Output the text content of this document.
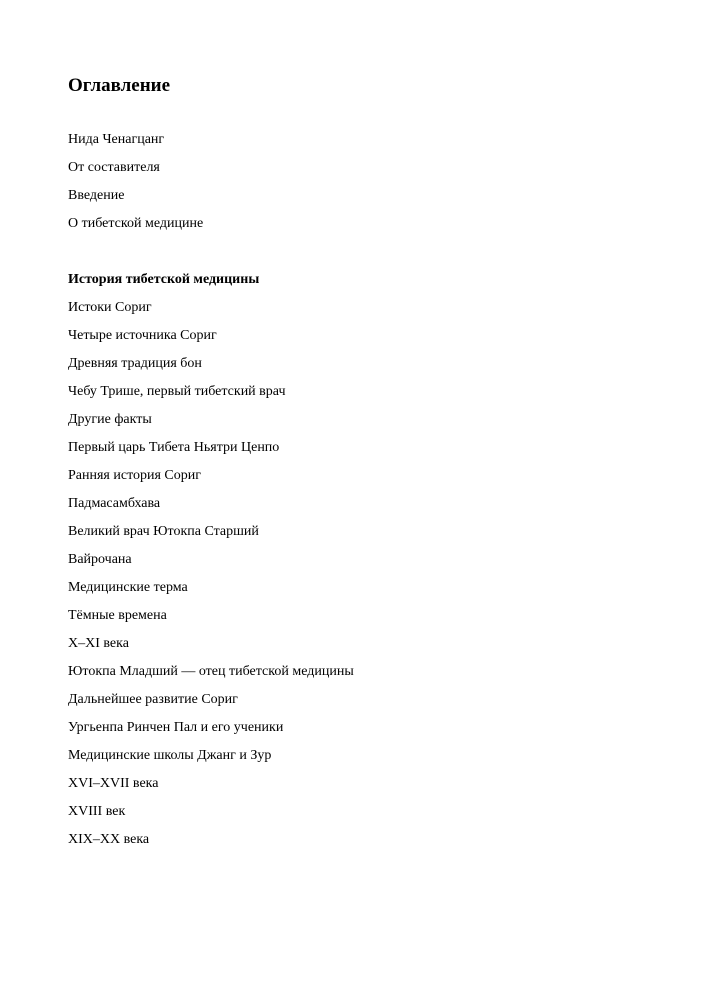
Оглавление
Нида Ченагцанг
От составителя
Введение
О тибетской медицине
История тибетской медицины
Истоки Сориг
Четыре источника Сориг
Древняя традиция бон
Чебу Трише, первый тибетский врач
Другие факты
Первый царь Тибета Ньятри Ценпо
Ранняя история Сориг
Падмасамбхава
Великий врач Ютокпа Старший
Вайрочана
Медицинские терма
Тёмные времена
X–XI века
Ютокпа Младший — отец тибетской медицины
Дальнейшее развитие Сориг
Ургьенпа Ринчен Пал и его ученики
Медицинские школы Джанг и Зур
XVI–XVII века
XVIII век
XIX–XX века
